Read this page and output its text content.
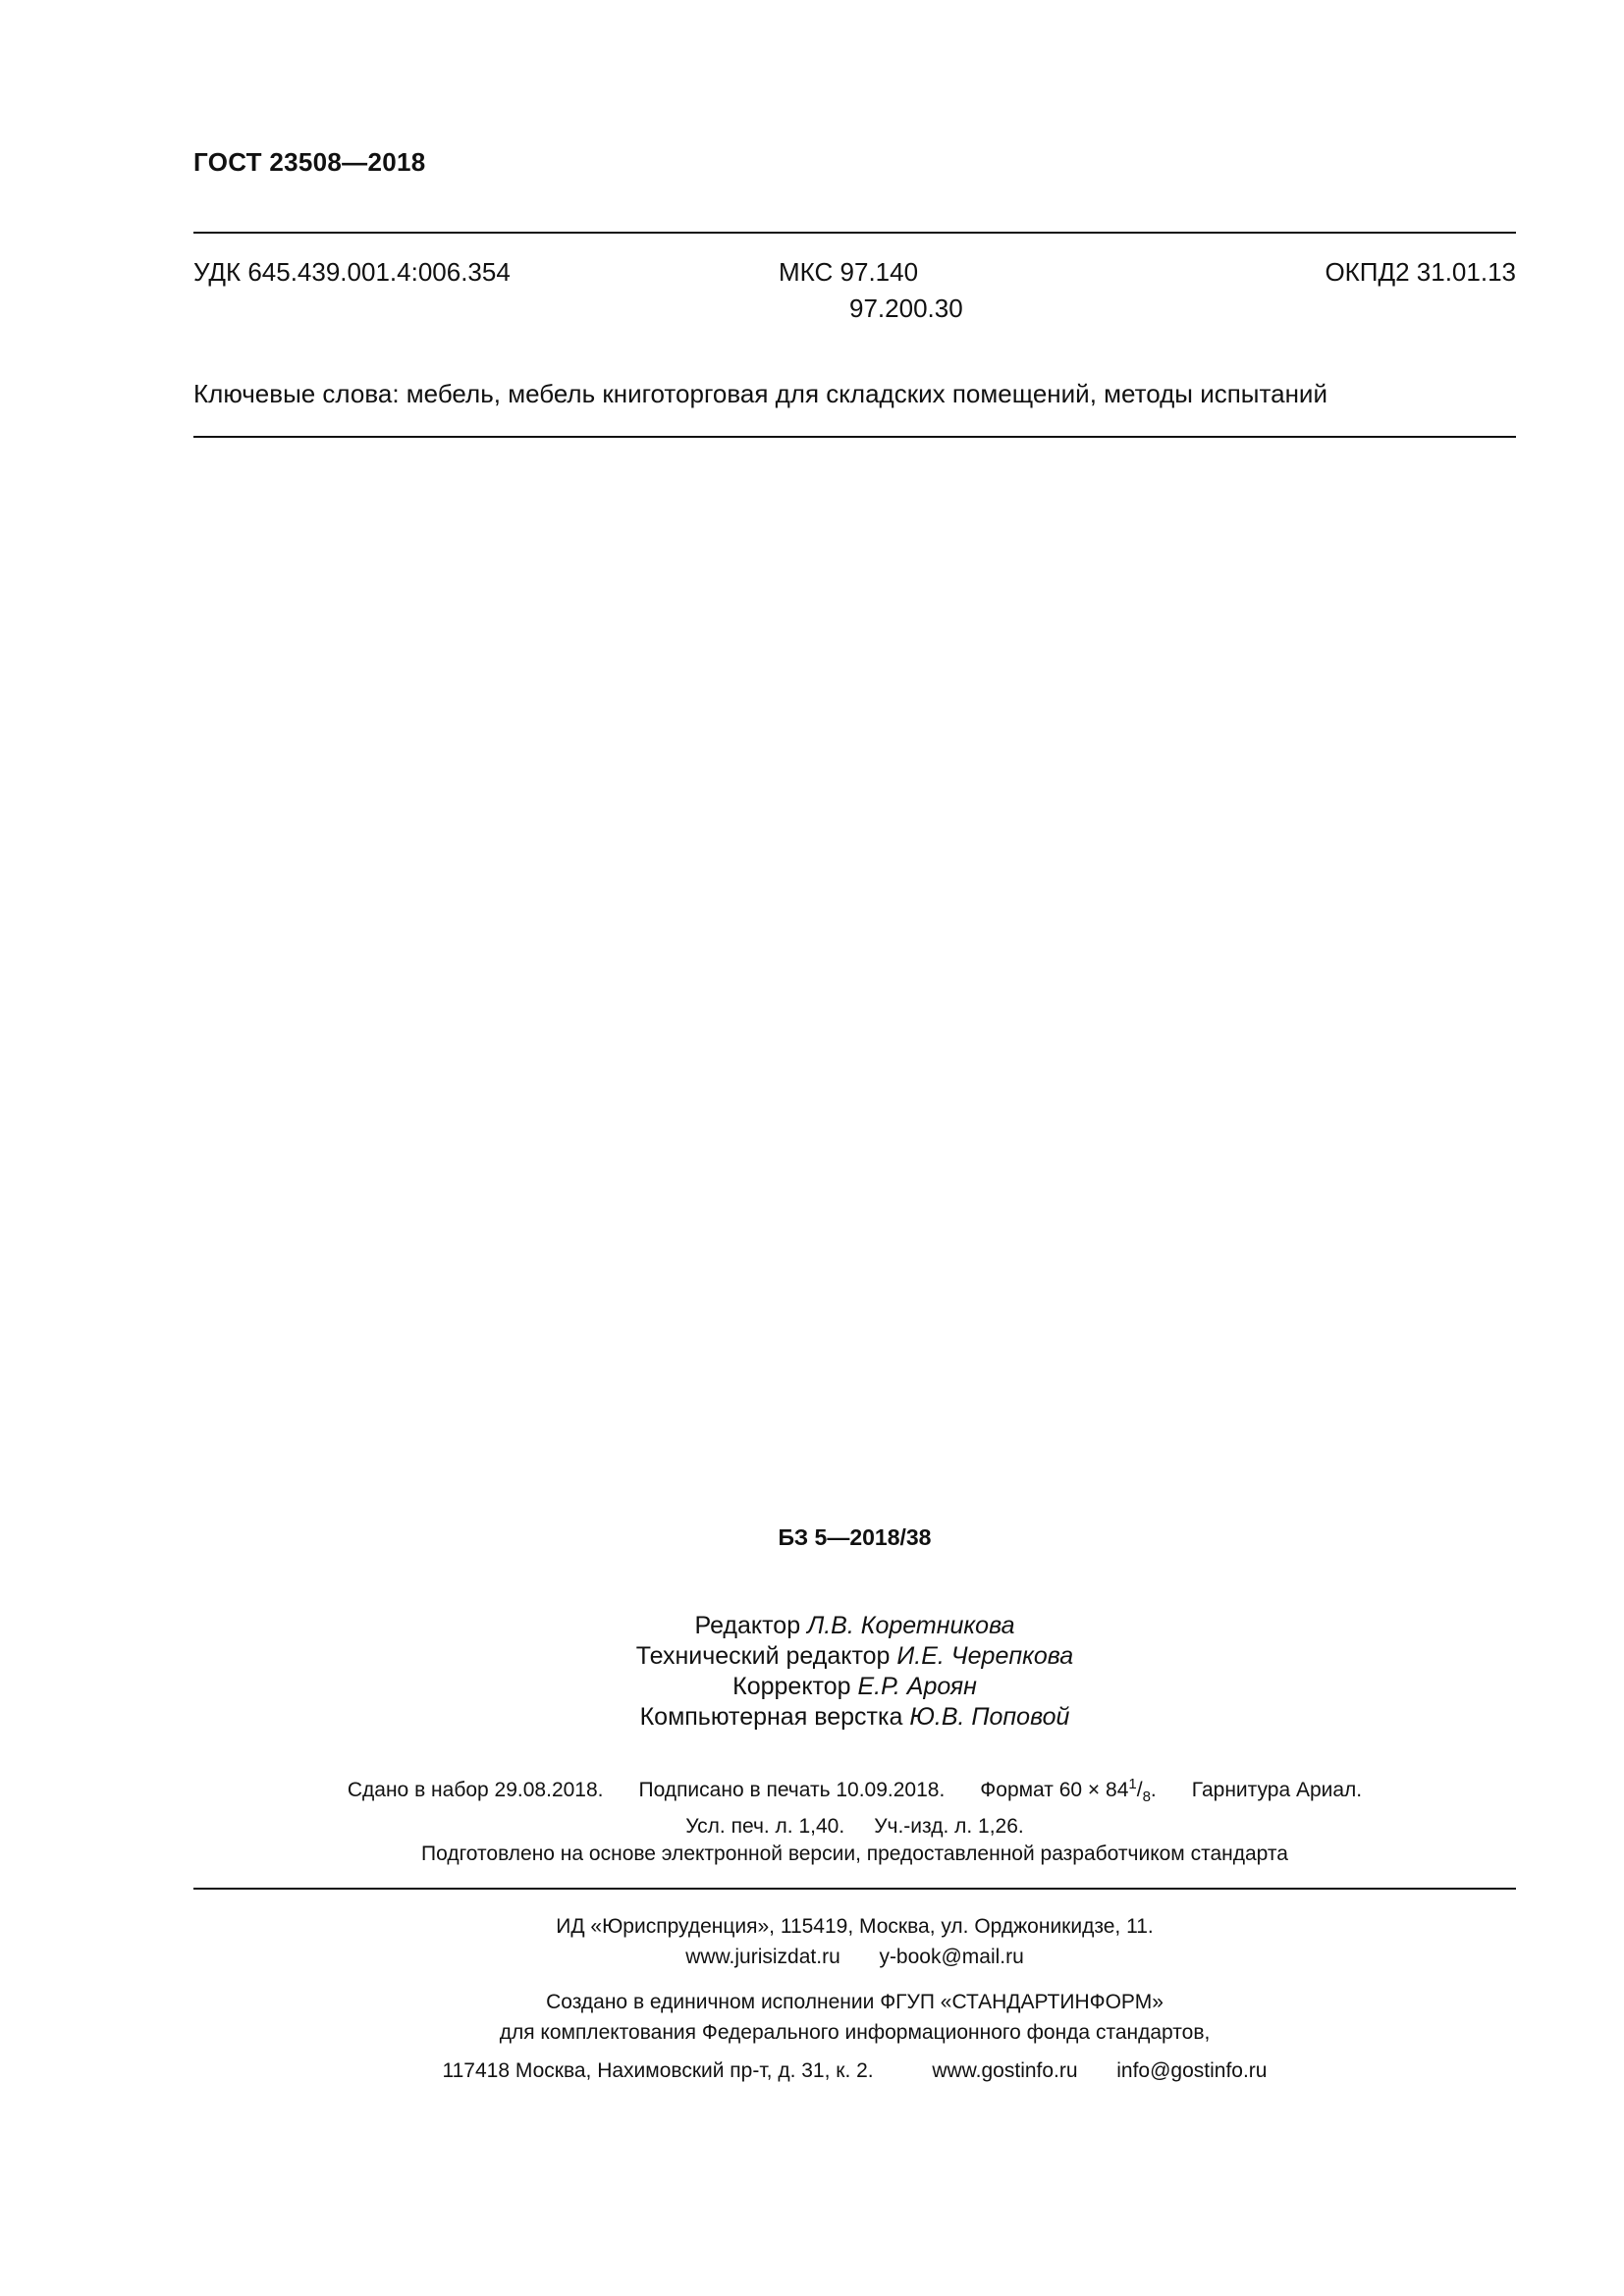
ГОСТ 23508—2018
УДК 645.439.001.4:006.354	МКС 97.140
97.200.30
ОКПД2 31.01.13
Ключевые слова: мебель, мебель книготорговая для складских помещений, методы испытаний
БЗ 5—2018/38
Редактор Л.В. Коретникова
Технический редактор И.Е. Черепкова
Корректор Е.Р. Ароян
Компьютерная верстка Ю.В. Поповой
Сдано в набор 29.08.2018. Подписано в печать 10.09.2018. Формат $60 \times 84^1/_8$. Гарнитура Ариал.
Усл. печ. л. 1,40. Уч.-изд. л. 1,26.
Подготовлено на основе электронной версии, предоставленной разработчиком стандарта
ИД «Юриспруденция», 115419, Москва, ул. Орджоникидзе, 11.
www.jurisizdat.ru y-book@mail.ru
Создано в единичном исполнении ФГУП «СТАНДАРТИНФОРМ»
для комплектования Федерального информационного фонда стандартов,
117418 Москва, Нахимовский пр-т, д. 31, к. 2.	www.gostinfo.ru info@gostinfo.ru
